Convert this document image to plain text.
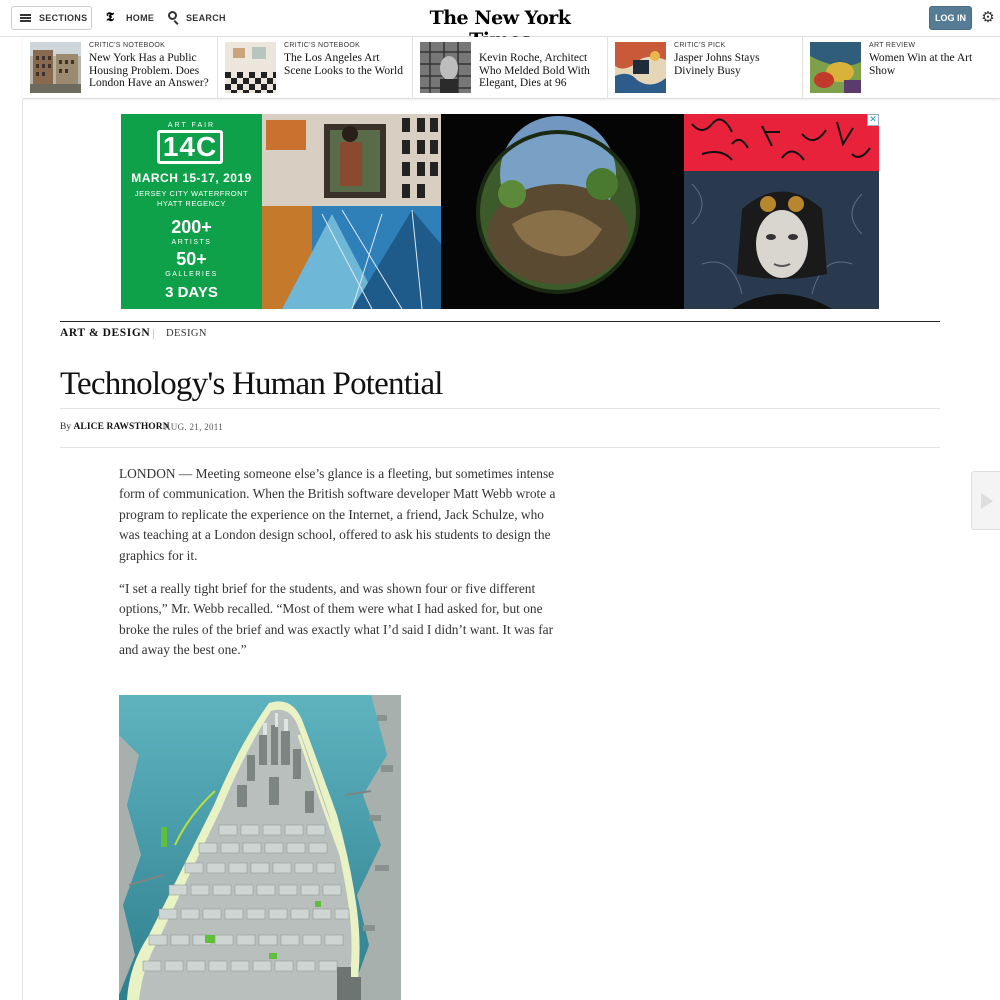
SECTIONS 𝕿	HOME	SEARCH	The New York	LOG IN	⚙
CRITIC'S NOTEBOOK
New York Has a Public Housing Problem. Does London Have an Answer?
CRITIC'S NOTEBOOK
The Los Angeles Art Scene Looks to the World
Kevin Roche, Architect Who Melded Bold With Elegant, Dies at 96
CRITIC'S PICK
Jasper Johns Stays Divinely Busy
ART REVIEW
Women Win at the Art Show
ART FAIR
14C
MARCH 15-17, 2019
JERSEY CITY WATERFRONT
HYATT REGENCY
200+
ARTISTS
50+
GALLERIES
3 DAYS
✕
ART & DESIGN DESIGN
Technology's Human Potential
By ALICE RAWSTHORN
AUG. 21, 2011

LONDON — Meeting someone else’s glance is a fleeting, but sometimes intense form of communication. When the British software developer Matt Webb wrote a program to replicate the experience on the Internet, a friend, Jack Schulze, who was teaching at a London design school, offered to ask his students to design the graphics for it.

“I set a really tight brief for the students, and was shown four or five different options,” Mr. Webb recalled. “Most of them were what I had asked for, but one broke the rules of the brief and was exactly what I’d said I didn’t want. It was far and away the best one.”
